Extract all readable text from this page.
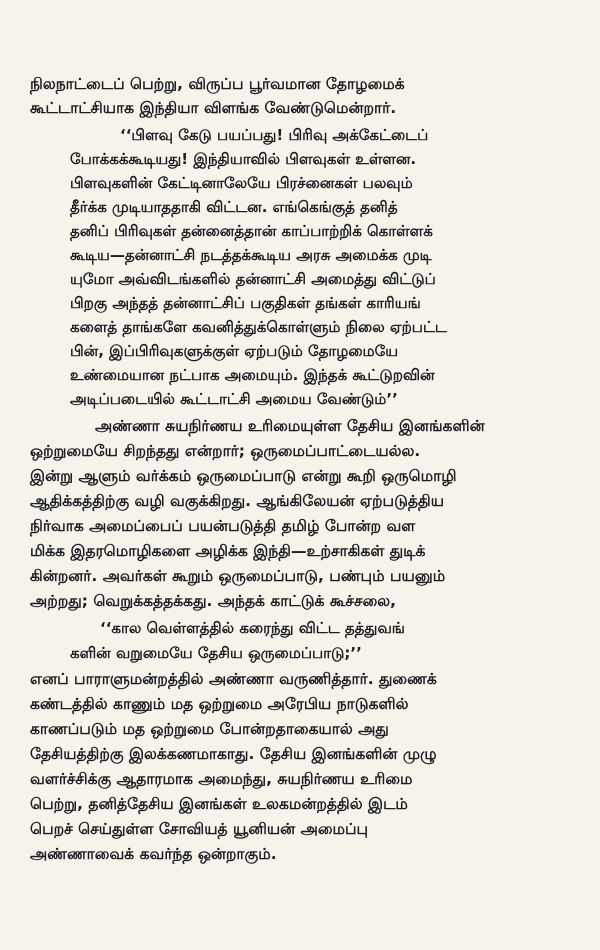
நிலநாட்டைப் பெற்று, விருப்ப பூர்வமான தோழமைக்
கூட்டாட்சியாக இந்தியா விளங்க வேண்டுமென்றார்.
‘‘பிளவு கேடு பயப்பது! பிரிவு அக்கேட்டைப்
போக்கக்கூடியது! இந்தியாவில் பிளவுகள் உள்ளன.
பிளவுகளின் கேட்டினாலேயே பிரச்னைகள் பலவும்
தீர்க்க முடியாததாகி விட்டன. எங்கெங்குத் தனித்
தனிப் பிரிவுகள் தன்னைத்தான் காப்பாற்றிக் கொள்ளக்
கூடிய—தன்னாட்சி நடத்தக்கூடிய அரசு அமைக்க முடி
யுமோ அவ்விடங்களில் தன்னாட்சி அமைத்து விட்டுப்
பிறகு அந்தத் தன்னாட்சிப் பகுதிகள் தங்கள் காரியங்
களைத் தாங்களே கவனித்துக்கொள்ளும் நிலை ஏற்பட்ட
பின், இப்பிரிவுகளுக்குள் ஏற்படும் தோழமையே
உண்மையான நட்பாக அமையும். இந்தக் கூட்டுறவின்
அடிப்படையில் கூட்டாட்சி அமைய வேண்டும்’’
அண்ணா சுயநிர்ணய உரிமையுள்ள தேசிய இனங்களின்
ஒற்றுமையே சிறந்தது என்றார்; ஒருமைப்பாட்டையல்ல.
இன்று ஆளும் வர்க்கம் ஒருமைப்பாடு என்று கூறி ஒருமொழி
ஆதிக்கத்திற்கு வழி வகுக்கிறது. ஆங்கிலேயன் ஏற்படுத்திய
நிர்வாக அமைப்பைப் பயன்படுத்தி தமிழ் போன்ற வள
மிக்க இதரமொழிகளை அழிக்க இந்தி—உற்சாகிகள் துடிக்
கின்றனர். அவர்கள் கூறும் ஒருமைப்பாடு, பண்பும் பயனும்
அற்றது; வெறுக்கத்தக்கது. அந்தக் காட்டுக் கூச்சலை,
‘‘கால வெள்ளத்தில் கரைந்து விட்ட தத்துவங்
களின் வறுமையே தேசிய ஒருமைப்பாடு;’’
எனப் பாராளுமன்றத்தில் அண்ணா வருணித்தார். துணைக்
கண்டத்தில் காணும் மத ஒற்றுமை அரேபிய நாடுகளில்
காணப்படும் மத ஒற்றுமை போன்றதாகையால் அது
தேசியத்திற்கு இலக்கணமாகாது. தேசிய இனங்களின் முழு
வளர்ச்சிக்கு ஆதாரமாக அமைந்து, சுயநிர்ணய உரிமை
பெற்று, தனித்தேசிய இனங்கள் உலகமன்றத்தில் இடம்
பெறச் செய்துள்ள சோவியத் யூனியன் அமைப்பு
அண்ணாவைக் கவர்ந்த ஒன்றாகும்.
